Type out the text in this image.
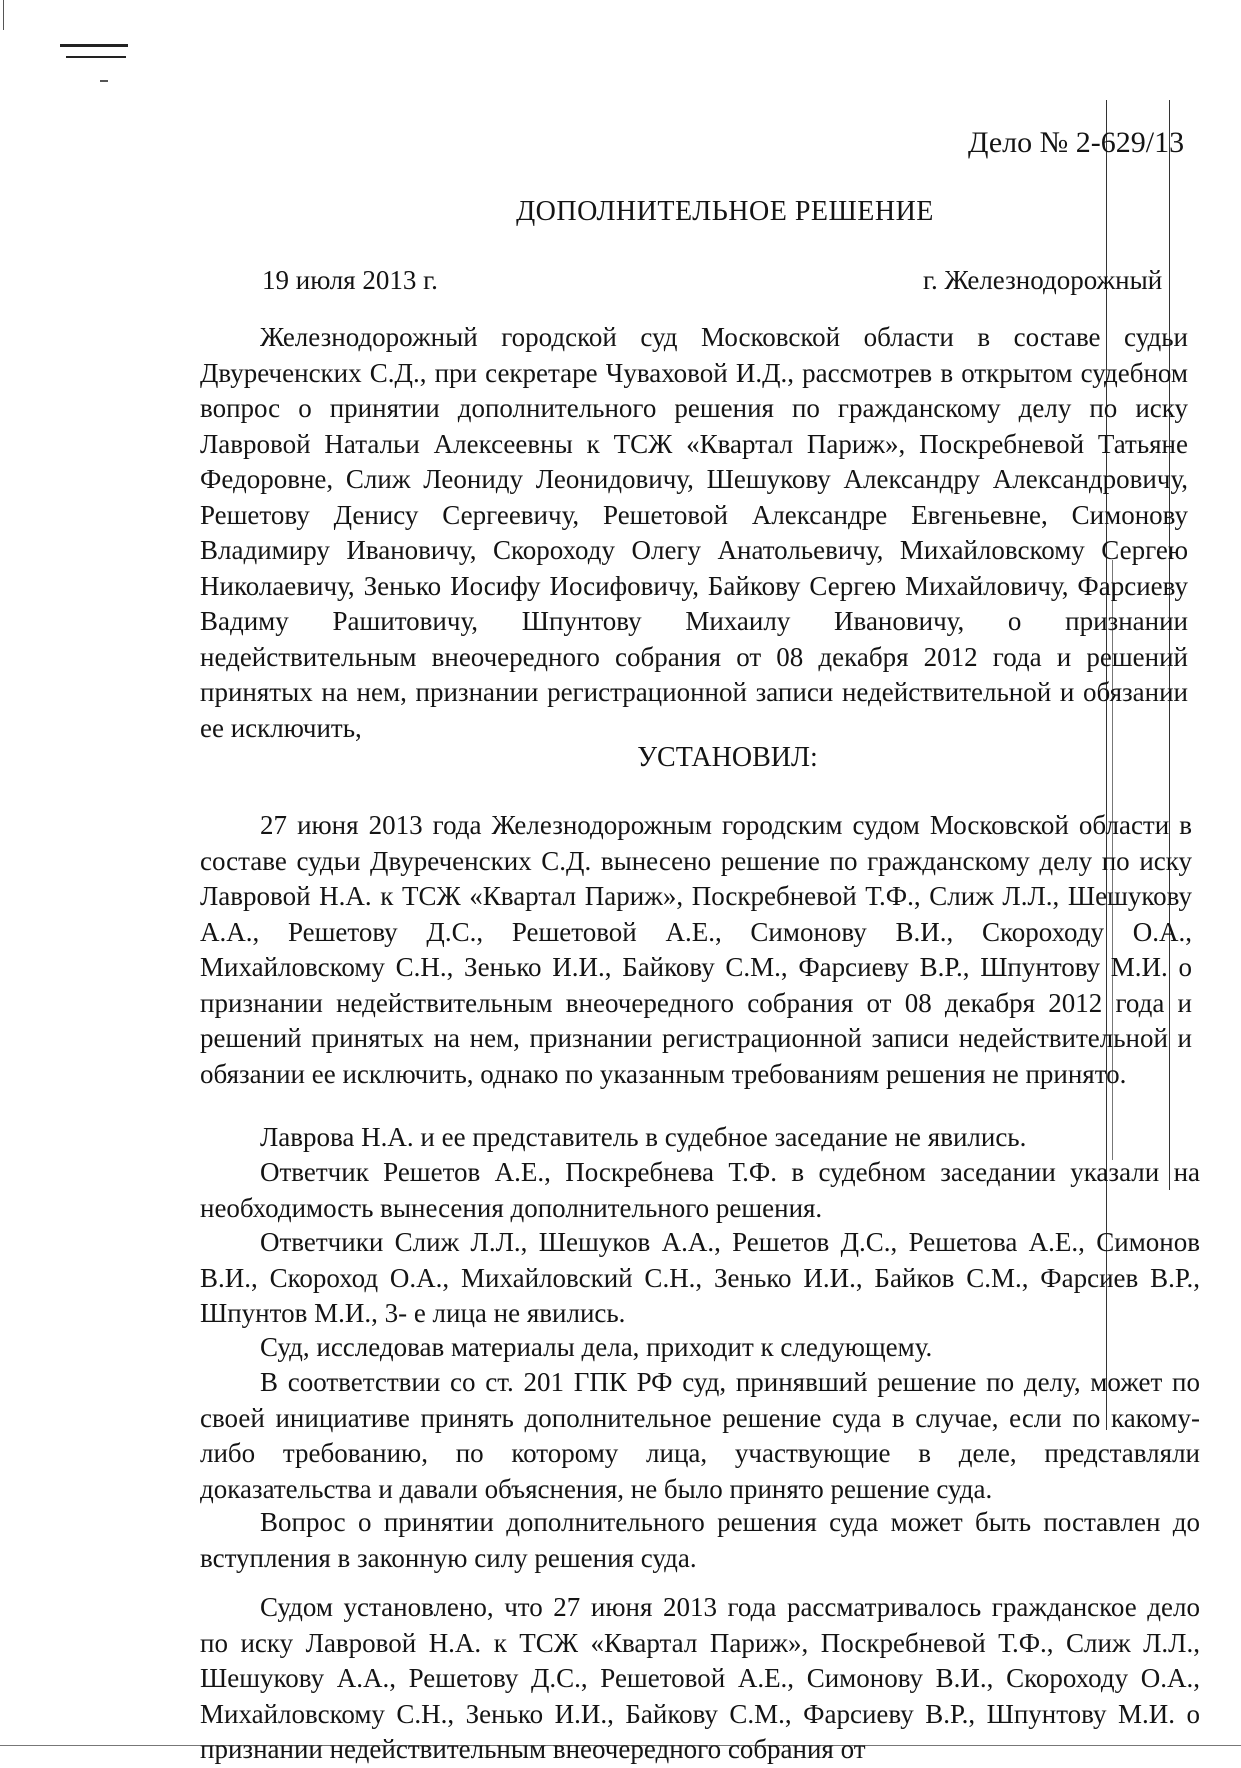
Дело № 2-629/13
ДОПОЛНИТЕЛЬНОЕ РЕШЕНИЕ
19 июля 2013 г.	г. Железнодорожный
Железнодорожный городской суд Московской области в составе судьи Двуреченских С.Д., при секретаре Чуваховой И.Д., рассмотрев в открытом судебном вопрос о принятии дополнительного решения по гражданскому делу по иску Лавровой Натальи Алексеевны к ТСЖ «Квартал Париж», Поскребневой Татьяне Федоровне, Слиж Леониду Леонидовичу, Шешукову Александру Александровичу, Решетову Денису Сергеевичу, Решетовой Александре Евгеньевне, Симонову Владимиру Ивановичу, Скороходу Олегу Анатольевичу, Михайловскому Сергею Николаевичу, Зенько Иосифу Иосифовичу, Байкову Сергею Михайловичу, Фарсиеву Вадиму Рашитовичу, Шпунтову Михаилу Ивановичу, о признании недействительным внеочередного собрания от 08 декабря 2012 года и решений принятых на нем, признании регистрационной записи недействительной и обязании ее исключить,
УСТАНОВИЛ:
27 июня 2013 года Железнодорожным городским судом Московской области в составе судьи Двуреченских С.Д. вынесено решение по гражданскому делу по иску Лавровой Н.А. к ТСЖ «Квартал Париж», Поскребневой Т.Ф., Слиж Л.Л., Шешукову А.А., Решетову Д.С., Решетовой А.Е., Симонову В.И., Скороходу О.А., Михайловскому С.Н., Зенько И.И., Байкову С.М., Фарсиеву В.Р., Шпунтову М.И. о признании недействительным внеочередного собрания от 08 декабря 2012 года и решений принятых на нем, признании регистрационной записи недействительной и обязании ее исключить, однако по указанным требованиям решения не принято.
Лаврова Н.А. и ее представитель в судебное заседание не явились.
Ответчик Решетов А.Е., Поскребнева Т.Ф. в судебном заседании указали на необходимость вынесения дополнительного решения.
Ответчики Слиж Л.Л., Шешуков А.А., Решетов Д.С., Решетова А.Е., Симонов В.И., Скороход О.А., Михайловский С.Н., Зенько И.И., Байков С.М., Фарсиев В.Р., Шпунтов М.И., 3- е лица не явились.
Суд, исследовав материалы дела, приходит к следующему.
В соответствии со ст. 201 ГПК РФ суд, принявший решение по делу, может по своей инициативе принять дополнительное решение суда в случае, если по какому-либо требованию, по которому лица, участвующие в деле, представляли доказательства и давали объяснения, не было принято решение суда.
Вопрос о принятии дополнительного решения суда может быть поставлен до вступления в законную силу решения суда.
Судом установлено, что 27 июня 2013 года рассматривалось гражданское дело по иску Лавровой Н.А. к ТСЖ «Квартал Париж», Поскребневой Т.Ф., Слиж Л.Л., Шешукову А.А., Решетову Д.С., Решетовой А.Е., Симонову В.И., Скороходу О.А., Михайловскому С.Н., Зенько И.И., Байкову С.М., Фарсиеву В.Р., Шпунтову М.И. о признании недействительным внеочередного собрания от
